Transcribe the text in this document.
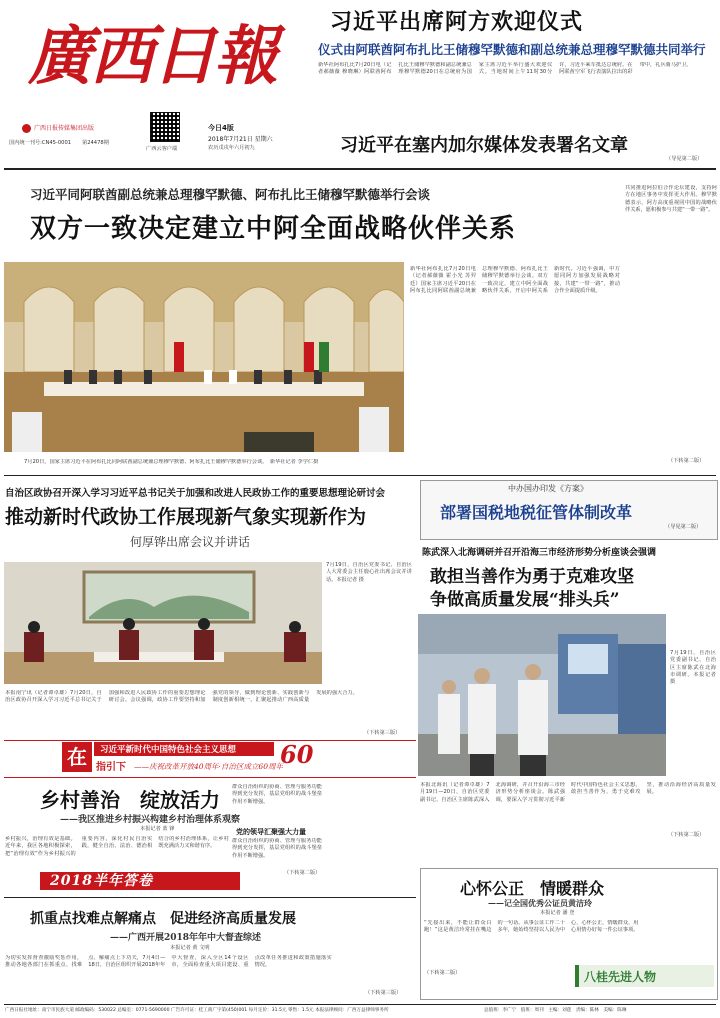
廣西日報
广西日报传媒集团出版
国内统一刊号:CN45-0001 第24478期
广西云客户端
今日4版
2018年7月21日 星期六
农历戊戌年六月初九
习近平出席阿方欢迎仪式
仪式由阿联酋阿布扎比王储穆罕默德和副总统兼总理穆罕默德共同举行
新华社阿布扎比7月20日电（记者郝薇薇 穆晓琳）阿联酋阿布扎比王储穆罕默德和副总统兼总理穆罕默德20日在总统府为国家主席习近平举行盛大欢迎仪式。当地时间上午11时30分许，习近平乘车抵达总统府。在阿联酋空军飞行表演队拉出的彩带中，礼兵骑马护卫。
习近平在塞内加尔媒体发表署名文章
（导见第二版）
习近平同阿联酋副总统兼总理穆罕默德、阿布扎比王储穆罕默德举行会谈
双方一致决定建立中阿全面战略伙伴关系
7月20日，国家主席习近平在阿布扎比同阿联酋副总统兼总理穆罕默德、阿布扎比王储穆罕默德举行会谈。　新华社记者 李学仁摄
新华社阿布扎比7月20日电（记者郝薇薇 霍小光 苏羿廷）国家主席习近平20日在阿布扎比同阿联酋副总统兼总理穆罕默德、阿布扎比王储穆罕默德举行会谈。双方一致决定，建立中阿全面战略伙伴关系，开启中阿关系新时代。习近平强调，中方愿同阿方加强发展战略对接，共建“一带一路”，推动合作全面提质升级。
共同推进阿拉伯合作论坛建设，支持阿方在地区事务中发挥更大作用。穆罕默德表示，阿方高度重视同中国的战略伙伴关系，愿积极参与共建“一带一路”。
（下转第二版）
自治区政协召开深入学习习近平总书记关于加强和改进人民政协工作的重要思想理论研讨会
推动新时代政协工作展现新气象实现新作为
何厚铧出席会议并讲话
7月19日，自治区党委书记、自治区人大常委会主任鹿心社出席会议并讲话。本报记者 摄
本报南宁讯（记者谭卓雄）7月20日，自治区政协召开深入学习习近平总书记关于加强和改进人民政协工作的重要思想理论研讨会。会议强调，政协工作要坚持和加强党的领导，做到理论创新、实践创新与制度创新相统一，汇聚起推动广西高质量发展的强大合力。
（下转第三版）
中办国办印发《方案》
部署国税地税征管体制改革
（导见第二版）
陈武深入北海调研并召开沿海三市经济形势分析座谈会强调
敢担当善作为勇于克难攻坚
争做高质量发展“排头兵”
7月19日，自治区党委副书记、自治区主席陈武在北海市调研。本报记者 摄
本报北海讯（记者谭卓雄）7月19日—20日，自治区党委副书记、自治区主席陈武深入北海调研，并召开沿海三市经济形势分析座谈会。陈武强调，要深入学习贯彻习近平新时代中国特色社会主义思想，敢担当善作为，勇于克难攻坚，推动沿海经济高质量发展。
（下转第二版）
在	习近平新时代中国特色社会主义思想
指引下 ——庆祝改革开放40周年·自治区成立60周年
60
乡村善治　绽放活力
——我区推进乡村振兴构建乡村治理体系观察
本报记者 蓝 锋
乡村振兴，治理有效是基础。近年来，我区各地积极探索，把“治理有效”作为乡村振兴的重要内容，深化村民自治实践，健全自治、法治、德治相结合的乡村治理体系，让乡村既充满活力又和谐有序。
群众自治组织的协商、管理与服务功能得到充分发挥，基层党组织的战斗堡垒作用不断增强。
党的领导汇聚强大力量
群众自治组织的协商、管理与服务功能得到充分发挥，基层党组织的战斗堡垒作用不断增强。
（下转第二版）
2018半年答卷
抓重点找难点解痛点　促进经济高质量发展
——广西开展2018年年中大督查综述
本报记者 黄 文明
为切实发挥督查激励奖惩作用，推动各地各部门在抓重点、找难点、解痛点上下功夫，7月4日—18日，自治区组织开展2018年年中大督查，深入全区14个设区市，全面检查重大项目建设、重点改革任务推进和政策措施落实情况。
（下转第三版）
心怀公正　情暖群众
——记全国优秀公证员黄洁玲
本报记者 潘 登
“先接出来，不能让群众白跑！”这是黄洁玲常挂在嘴边的一句话。从事公证工作二十多年，她始终坚持以人民为中心，心怀公正，情暖群众，用心用情办好每一件公证事项。
（下转第二版）	八桂先进人物
广西日报社地址：南宁市民族大道 邮政编码：530022 总编室：0771-5690000 广告许可证：桂工商广字第(450)001 每月定价：31.5元 零售：1.5元 本报法律顾问：广西万益律师事务所	总值班：李广宁　值班：周刊　主编：刘莲　责编：陈林　美编：陈琳
